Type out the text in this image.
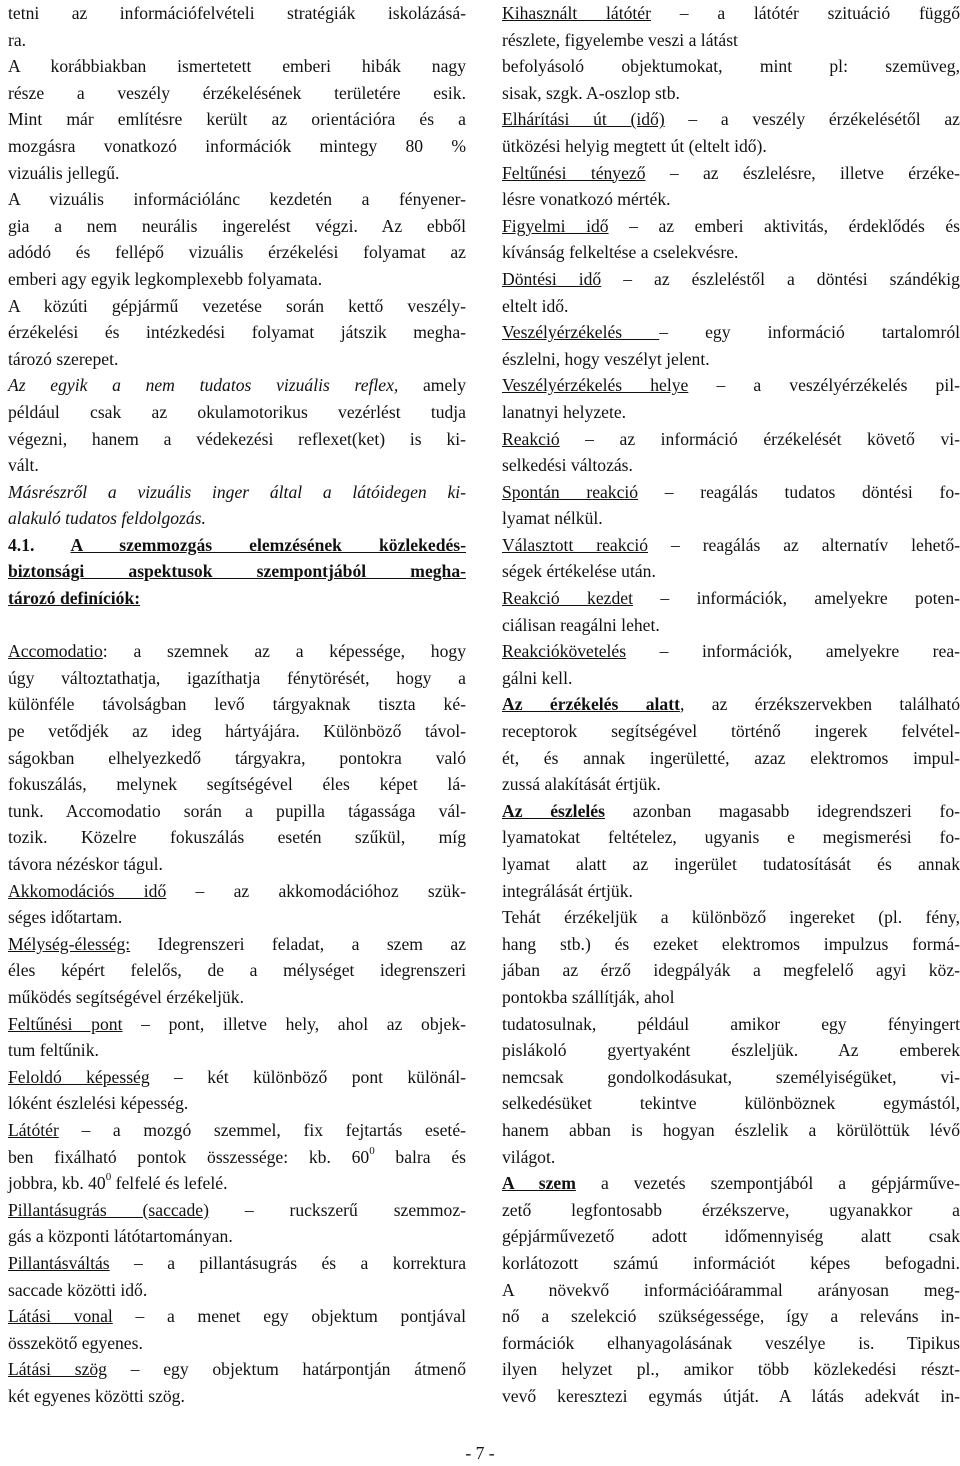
tetni az információfelvételi stratégiák iskolázásá-
ra.
A korábbiakban ismertetett emberi hibák nagy
része a veszély érzékelésének területére esik.
Mint már említésre került az orientációra és a
mozgásra vonatkozó információk mintegy 80 %
vizuális jellegű.
A vizuális információlánc kezdetén a fényener-
gia a nem neurális ingerelést végzi. Az ebből
adódó és fellépő vizuális érzékelési folyamat az
emberi agy egyik legkomplexebb folyamata.
A közúti gépjármű vezetése során kettő veszély-
érzékelési és intézkedési folyamat játszik megha-
tározó szerepet.
Az egyik a nem tudatos vizuális reflex, amely
például csak az okulamotorikus vezérlést tudja
végezni, hanem a védekezési reflexet(ket) is ki-
vált.
Másrészről a vizuális inger által a látóidegen ki-
alakuló tudatos feldolgozás.
4.1. A szemmozgás elemzésének közlekedés-
biztonsági aspektusok szempontjából megha-
tározó definíciók:
Accomodatio: a szemnek az a képessége, hogy
úgy változtathatja, igazíthatja fénytörését, hogy a
különféle távolságban levő tárgyaknak tiszta ké-
pe vetődjék az ideg hártyájára. Különböző távol-
ságokban elhelyezkedő tárgyakra, pontokra való
fokuszálás, melynek segítségével éles képet lá-
tunk. Accomodatio során a pupilla tágassága vál-
tozik. Közelre fokuszálás esetén szűkül, míg
távora nézéskor tágul.
Akkomodációs idő – az akkomodációhoz szük-
séges időtartam.
Mélység-élesség: Idegrenszeri feladat, a szem az
éles képért felelős, de a mélységet idegrenszeri
működés segítségével érzékeljük.
Feltűnési pont – pont, illetve hely, ahol az objek-
tum feltűnik.
Feloldó képesség – két különböző pont különál-
lóként észlelési képesség.
Látótér – a mozgó szemmel, fix fejtartás eseté-
ben fixálható pontok összessége: kb. $60^0$ balra és
jobbra, kb. $40^0$ felfelé és lefelé.
Pillantásugrás (saccade) – ruckszerű szemmoz-
gás a központi látótartományan.
Pillantásváltás – a pillantásugrás és a korrektura
saccade közötti idő.
Látási vonal – a menet egy objektum pontjával
összekötő egyenes.
Látási szög – egy objektum határpontján átmenő
két egyenes közötti szög.
Kihasznált látótér – a látótér szituáció függő
részlete, figyelembe veszi a látást
befolyásoló objektumokat, mint pl: szemüveg,
sisak, szgk. A-oszlop stb.
Elhárítási út (idő) – a veszély érzékelésétől az
ütközési helyig megtett út (eltelt idő).
Feltűnési tényező – az észlelésre, illetve érzéke-
lésre vonatkozó mérték.
Figyelmi idő – az emberi aktivitás, érdeklődés és
kívánság felkeltése a cselekvésre.
Döntési idő – az észleléstől a döntési szándékig
eltelt idő.
Veszélyérzékelés – egy információ tartalomról
észlelni, hogy veszélyt jelent.
Veszélyérzékelés helye – a veszélyérzékelés pil-
lanatnyi helyzete.
Reakció – az információ érzékelését követő vi-
selkedési változás.
Spontán reakció – reagálás tudatos döntési fo-
lyamat nélkül.
Választott reakció – reagálás az alternatív lehető-
ségek értékelése után.
Reakció kezdet – információk, amelyekre poten-
ciálisan reagálni lehet.
Reakciókövetelés – információk, amelyekre rea-
gálni kell.
Az érzékelés alatt, az érzékszervekben található
receptorok segítségével történő ingerek felvétel-
ét, és annak ingerületté, azaz elektromos impul-
zussá alakítását értjük.
Az észlelés azonban magasabb idegrendszeri fo-
lyamatokat feltételez, ugyanis e megismerési fo-
lyamat alatt az ingerület tudatosítását és annak
integrálását értjük.
Tehát érzékeljük a különböző ingereket (pl. fény,
hang stb.) és ezeket elektromos impulzus formá-
jában az érző idegpályák a megfelelő agyi köz-
pontokba szállítják, ahol
tudatosulnak, például amikor egy fényingert
pislákoló gyertyaként észleljük. Az emberek
nemcsak gondolkodásukat, személyiségüket, vi-
selkedésüket tekintve különböznek egymástól,
hanem abban is hogyan észlelik a körülöttük lévő
világot.
A szem a vezetés szempontjából a gépjárműve-
zető legfontosabb érzékszerve, ugyanakkor a
gépjárművezető adott időmennyiség alatt csak
korlátozott számú információt képes befogadni.
A növekvő információárammal arányosan meg-
nő a szelekció szükségessége, így a releváns in-
formációk elhanyagolásának veszélye is. Tipikus
ilyen helyzet pl., amikor több közlekedési részt-
vevő keresztezi egymás útját. A látás adekvát in-
- 7 -
